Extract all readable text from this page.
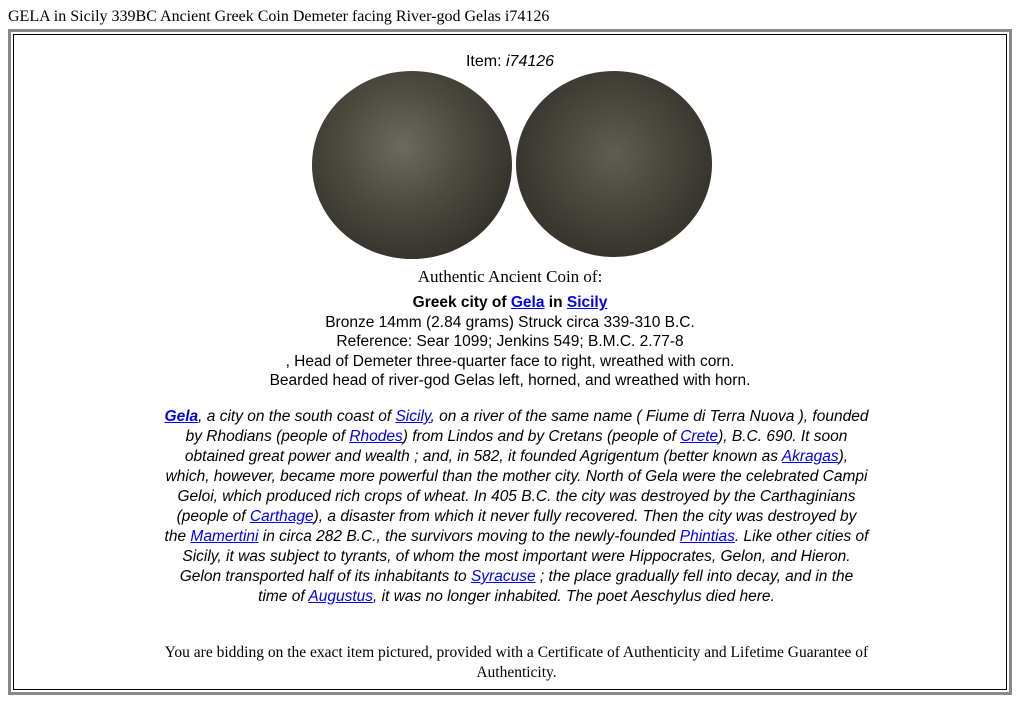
GELA in Sicily 339BC Ancient Greek Coin Demeter facing River-god Gelas i74126
Item: i74126
Authentic Ancient Coin of:
Greek city of Gela in Sicily
Bronze 14mm (2.84 grams) Struck circa 339-310 B.C.
Reference: Sear 1099; Jenkins 549; B.M.C. 2.77-8
, Head of Demeter three-quarter face to right, wreathed with corn.
Bearded head of river-god Gelas left, horned, and wreathed with horn.
Gela, a city on the south coast of Sicily, on a river of the same name ( Fiume di Terra Nuova ), founded by Rhodians (people of Rhodes) from Lindos and by Cretans (people of Crete), B.C. 690. It soon obtained great power and wealth ; and, in 582, it founded Agrigentum (better known as Akragas), which, however, became more powerful than the mother city. North of Gela were the celebrated Campi Geloi, which produced rich crops of wheat. In 405 B.C. the city was destroyed by the Carthaginians (people of Carthage), a disaster from which it never fully recovered. Then the city was destroyed by the Mamertini in circa 282 B.C., the survivors moving to the newly-founded Phintias. Like other cities of Sicily, it was subject to tyrants, of whom the most important were Hippocrates, Gelon, and Hieron. Gelon transported half of its inhabitants to Syracuse ; the place gradually fell into decay, and in the time of Augustus, it was no longer inhabited. The poet Aeschylus died here.
You are bidding on the exact item pictured, provided with a Certificate of Authenticity and Lifetime Guarantee of Authenticity.
